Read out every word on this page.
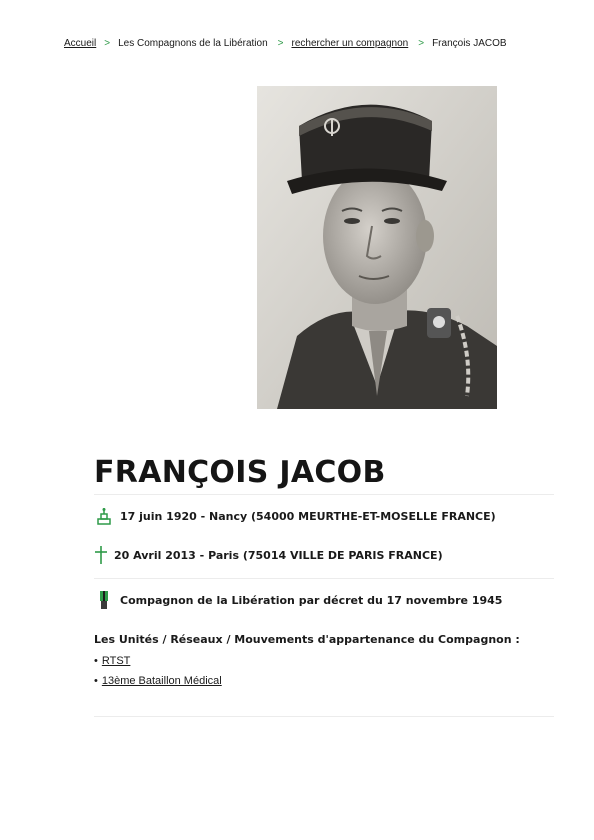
Accueil > Les Compagnons de la Libération > rechercher un compagnon > François JACOB
FRANÇOIS JACOB
17 juin 1920 - Nancy (54000 MEURTHE-ET-MOSELLE FRANCE)
20 Avril 2013 - Paris (75014 VILLE DE PARIS FRANCE)
Compagnon de la Libération par décret du 17 novembre 1945
Les Unités / Réseaux / Mouvements d'appartenance du Compagnon :
• RTST
• 13ème Bataillon Médical
